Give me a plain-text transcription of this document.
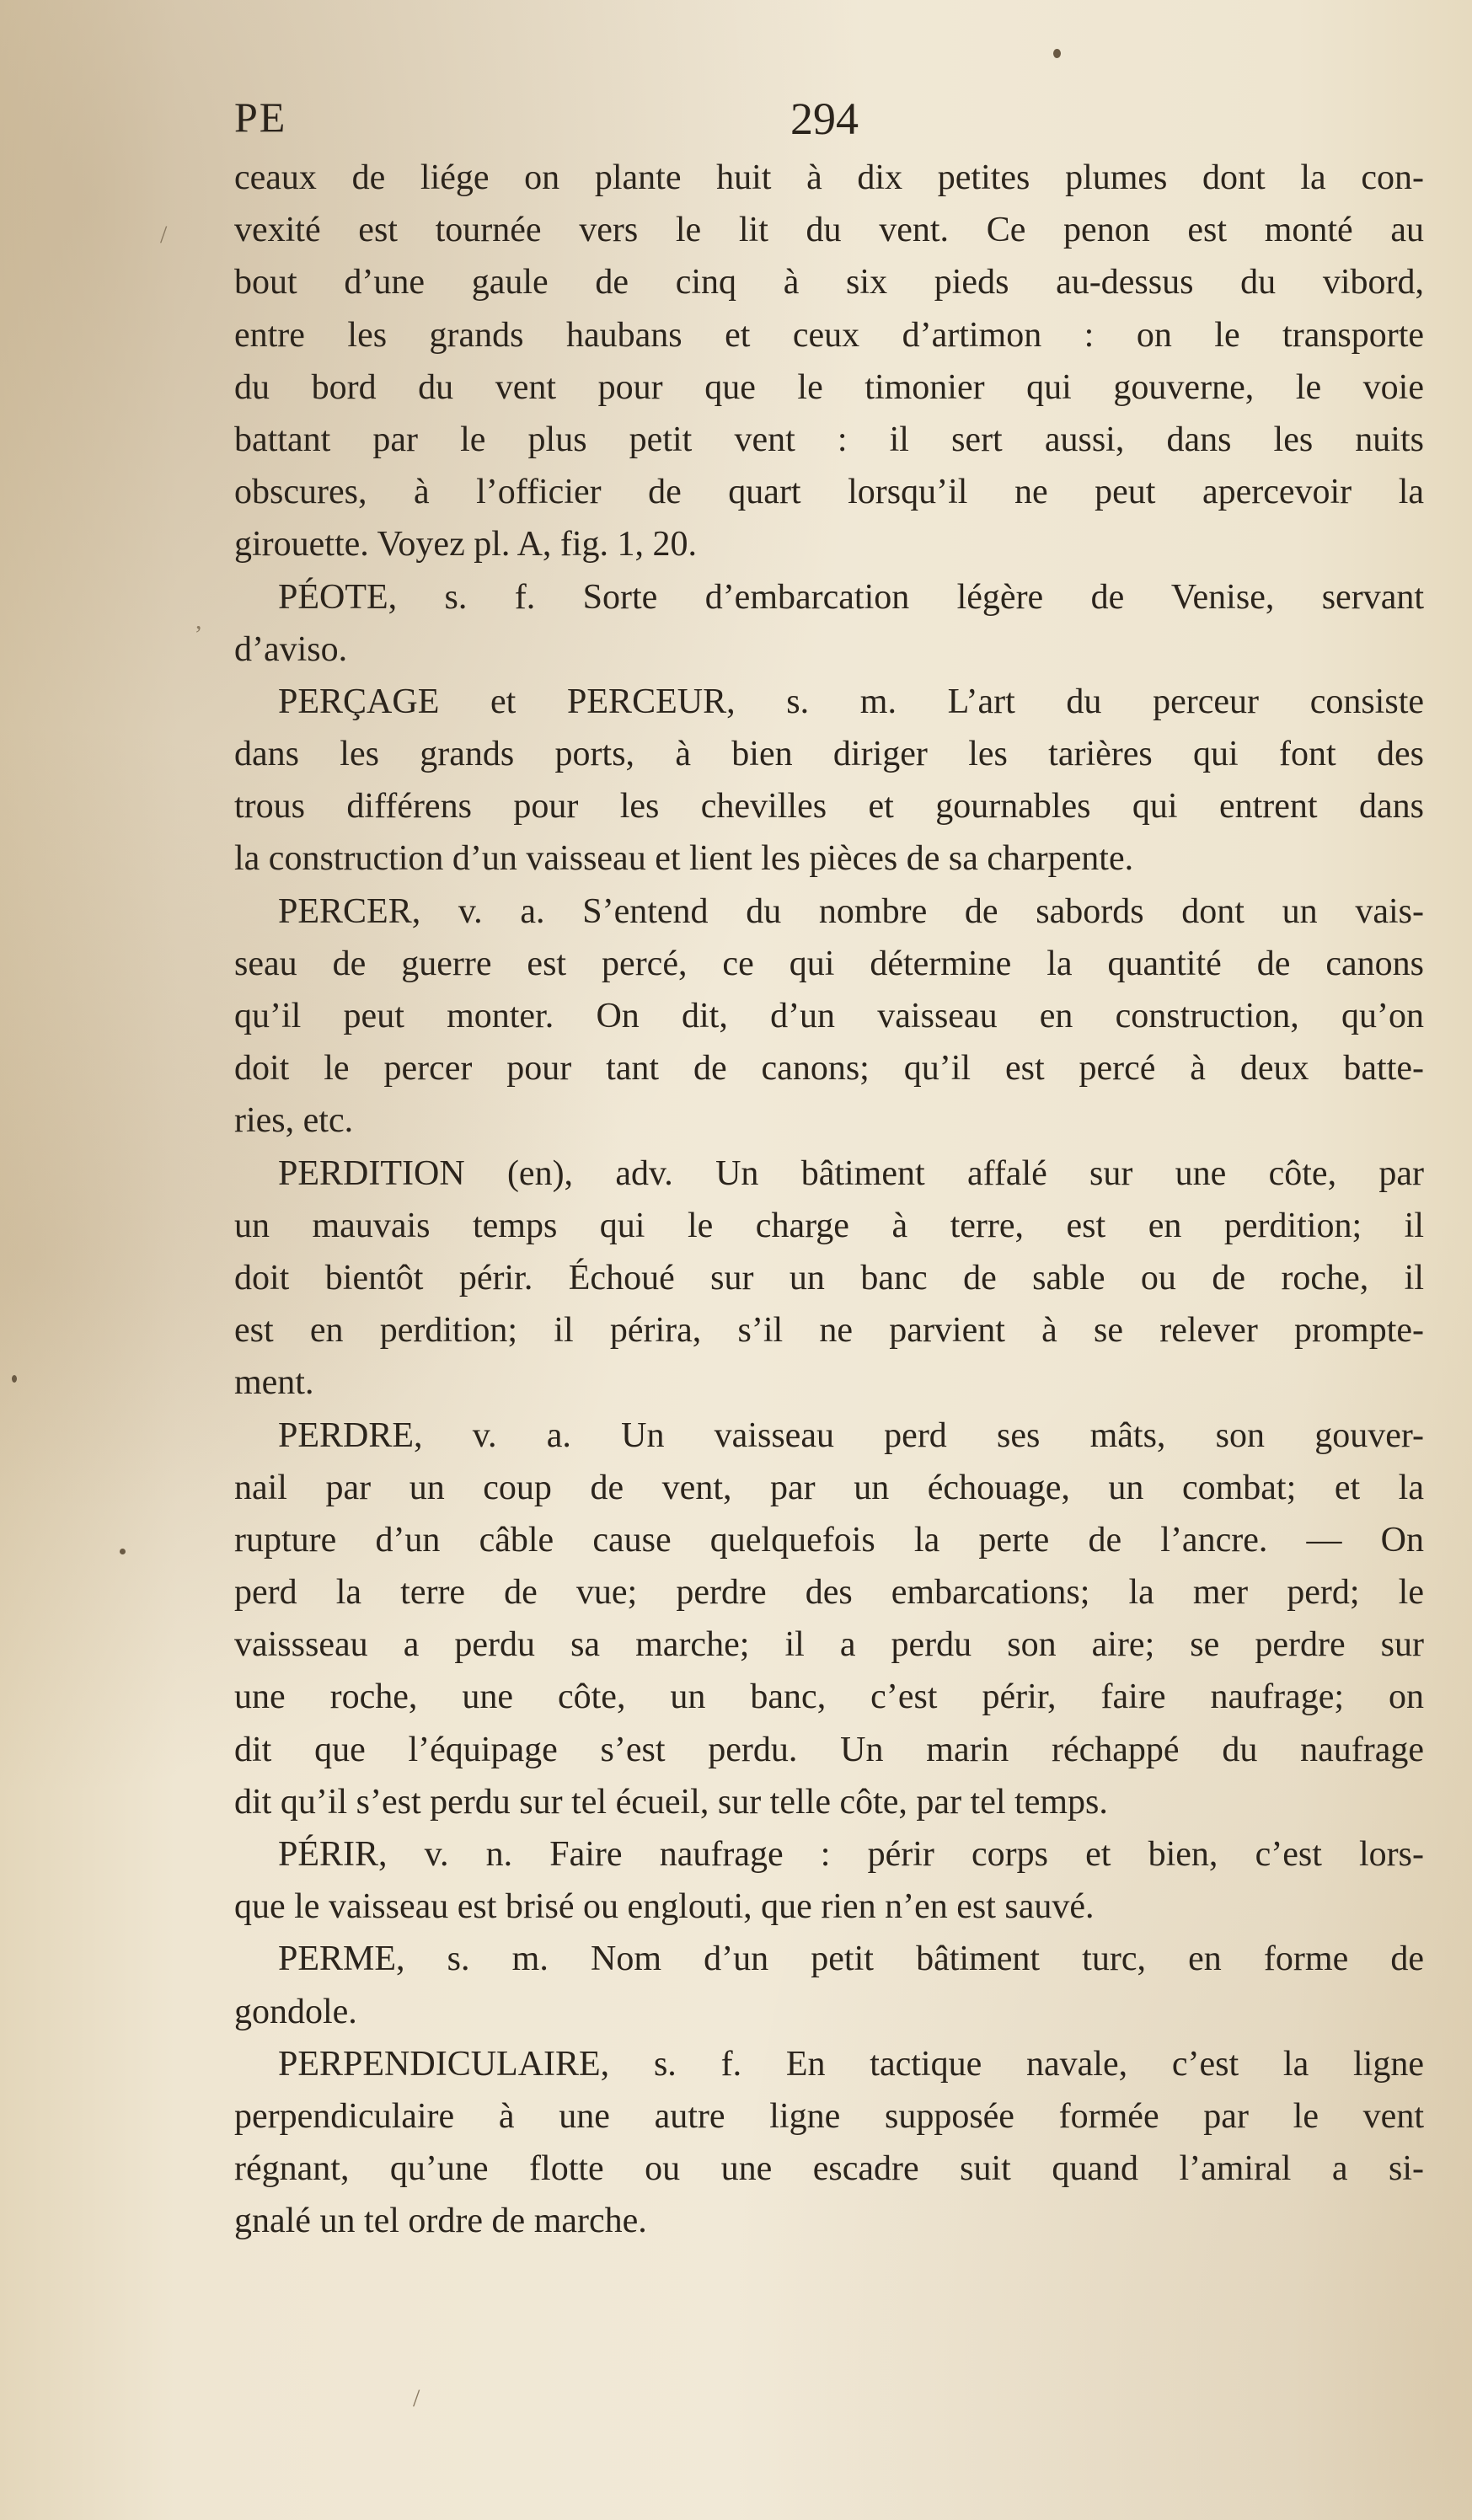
/
,
/
PE	294
ceaux de liége on plante huit à dix petites plumes dont la con-
vexité est tournée vers le lit du vent. Ce penon est monté au
bout d’une gaule de cinq à six pieds au-dessus du vibord,
entre les grands haubans et ceux d’artimon : on le transporte
du bord du vent pour que le timonier qui gouverne, le voie
battant par le plus petit vent : il sert aussi, dans les nuits
obscures, à l’officier de quart lorsqu’il ne peut apercevoir la
girouette. Voyez pl. A, fig. 1, 20.
PÉOTE, s. f. Sorte d’embarcation légère de Venise, servant
d’aviso.
PERÇAGE et PERCEUR, s. m. L’art du perceur consiste
dans les grands ports, à bien diriger les tarières qui font des
trous différens pour les chevilles et gournables qui entrent dans
la construction d’un vaisseau et lient les pièces de sa charpente.
PERCER, v. a. S’entend du nombre de sabords dont un vais-
seau de guerre est percé, ce qui détermine la quantité de canons
qu’il peut monter. On dit, d’un vaisseau en construction, qu’on
doit le percer pour tant de canons; qu’il est percé à deux batte-
ries, etc.
PERDITION (en), adv. Un bâtiment affalé sur une côte, par
un mauvais temps qui le charge à terre, est en perdition; il
doit bientôt périr. Échoué sur un banc de sable ou de roche, il
est en perdition; il périra, s’il ne parvient à se relever prompte-
ment.
PERDRE, v. a. Un vaisseau perd ses mâts, son gouver-
nail par un coup de vent, par un échouage, un combat; et la
rupture d’un câble cause quelquefois la perte de l’ancre. — On
perd la terre de vue; perdre des embarcations; la mer perd; le
vaissseau a perdu sa marche; il a perdu son aire; se perdre sur
une roche, une côte, un banc, c’est périr, faire naufrage; on
dit que l’équipage s’est perdu. Un marin réchappé du naufrage
dit qu’il s’est perdu sur tel écueil, sur telle côte, par tel temps.
PÉRIR, v. n. Faire naufrage : périr corps et bien, c’est lors-
que le vaisseau est brisé ou englouti, que rien n’en est sauvé.
PERME, s. m. Nom d’un petit bâtiment turc, en forme de
gondole.
PERPENDICULAIRE, s. f. En tactique navale, c’est la ligne
perpendiculaire à une autre ligne supposée formée par le vent
régnant, qu’une flotte ou une escadre suit quand l’amiral a si-
gnalé un tel ordre de marche.
